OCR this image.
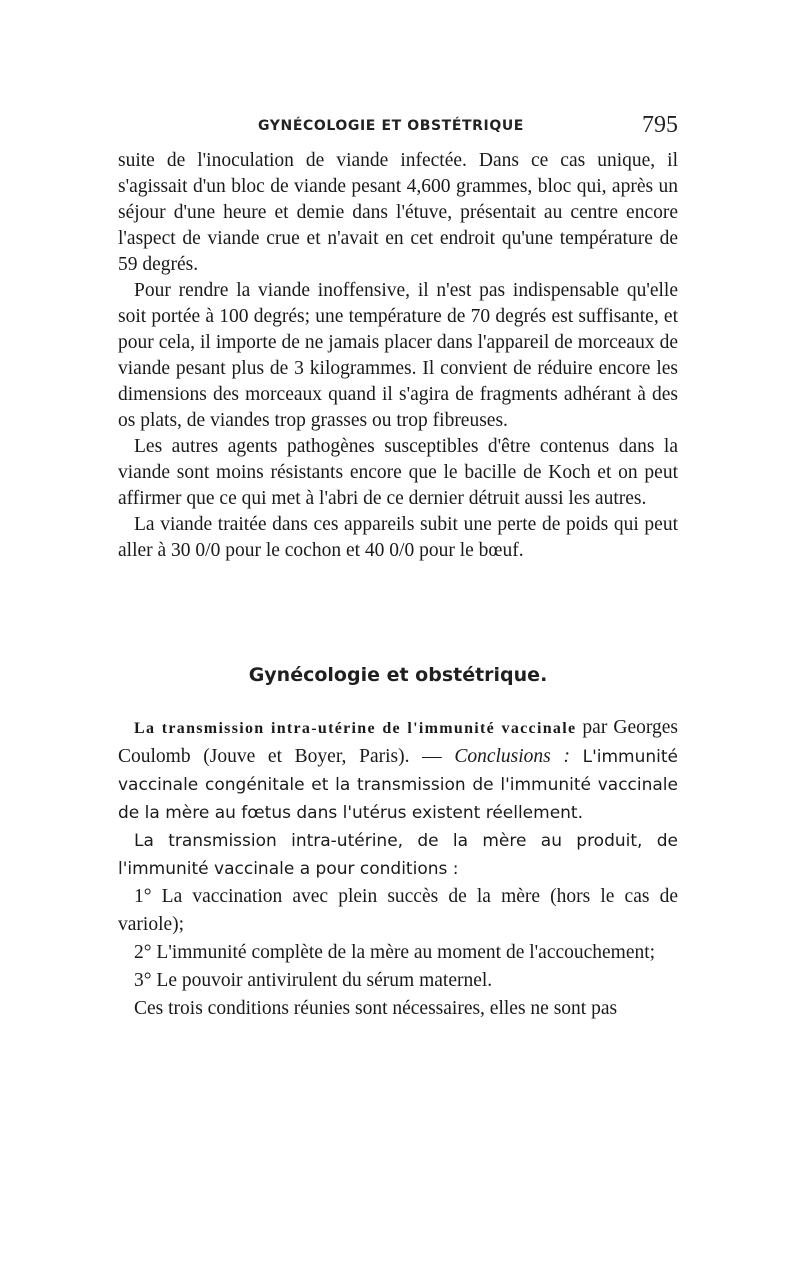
GYNÉCOLOGIE ET OBSTÉTRIQUE	795

suite de l'inoculation de viande infectée. Dans ce cas unique, il s'agissait d'un bloc de viande pesant 4,600 grammes, bloc qui, après un séjour d'une heure et demie dans l'étuve, présentait au centre encore l'aspect de viande crue et n'avait en cet endroit qu'une température de 59 degrés.

Pour rendre la viande inoffensive, il n'est pas indispensable qu'elle soit portée à 100 degrés; une température de 70 degrés est suffisante, et pour cela, il importe de ne jamais placer dans l'appareil de morceaux de viande pesant plus de 3 kilogrammes. Il convient de réduire encore les dimensions des morceaux quand il s'agira de fragments adhérant à des os plats, de viandes trop grasses ou trop fibreuses.

Les autres agents pathogènes susceptibles d'être contenus dans la viande sont moins résistants encore que le bacille de Koch et on peut affirmer que ce qui met à l'abri de ce dernier détruit aussi les autres.

La viande traitée dans ces appareils subit une perte de poids qui peut aller à 30 0/0 pour le cochon et 40 0/0 pour le bœuf.

Gynécologie et obstétrique.

La transmission intra-utérine de l'immunité vaccinale par Georges Coulomb (Jouve et Boyer, Paris). — Conclusions : L'immunité vaccinale congénitale et la transmission de l'immunité vaccinale de la mère au fœtus dans l'utérus existent réellement.

La transmission intra-utérine, de la mère au produit, de l'immunité vaccinale a pour conditions :

1° La vaccination avec plein succès de la mère (hors le cas de variole);

2° L'immunité complète de la mère au moment de l'accouchement;

3° Le pouvoir antivirulent du sérum maternel.

Ces trois conditions réunies sont nécessaires, elles ne sont pas
